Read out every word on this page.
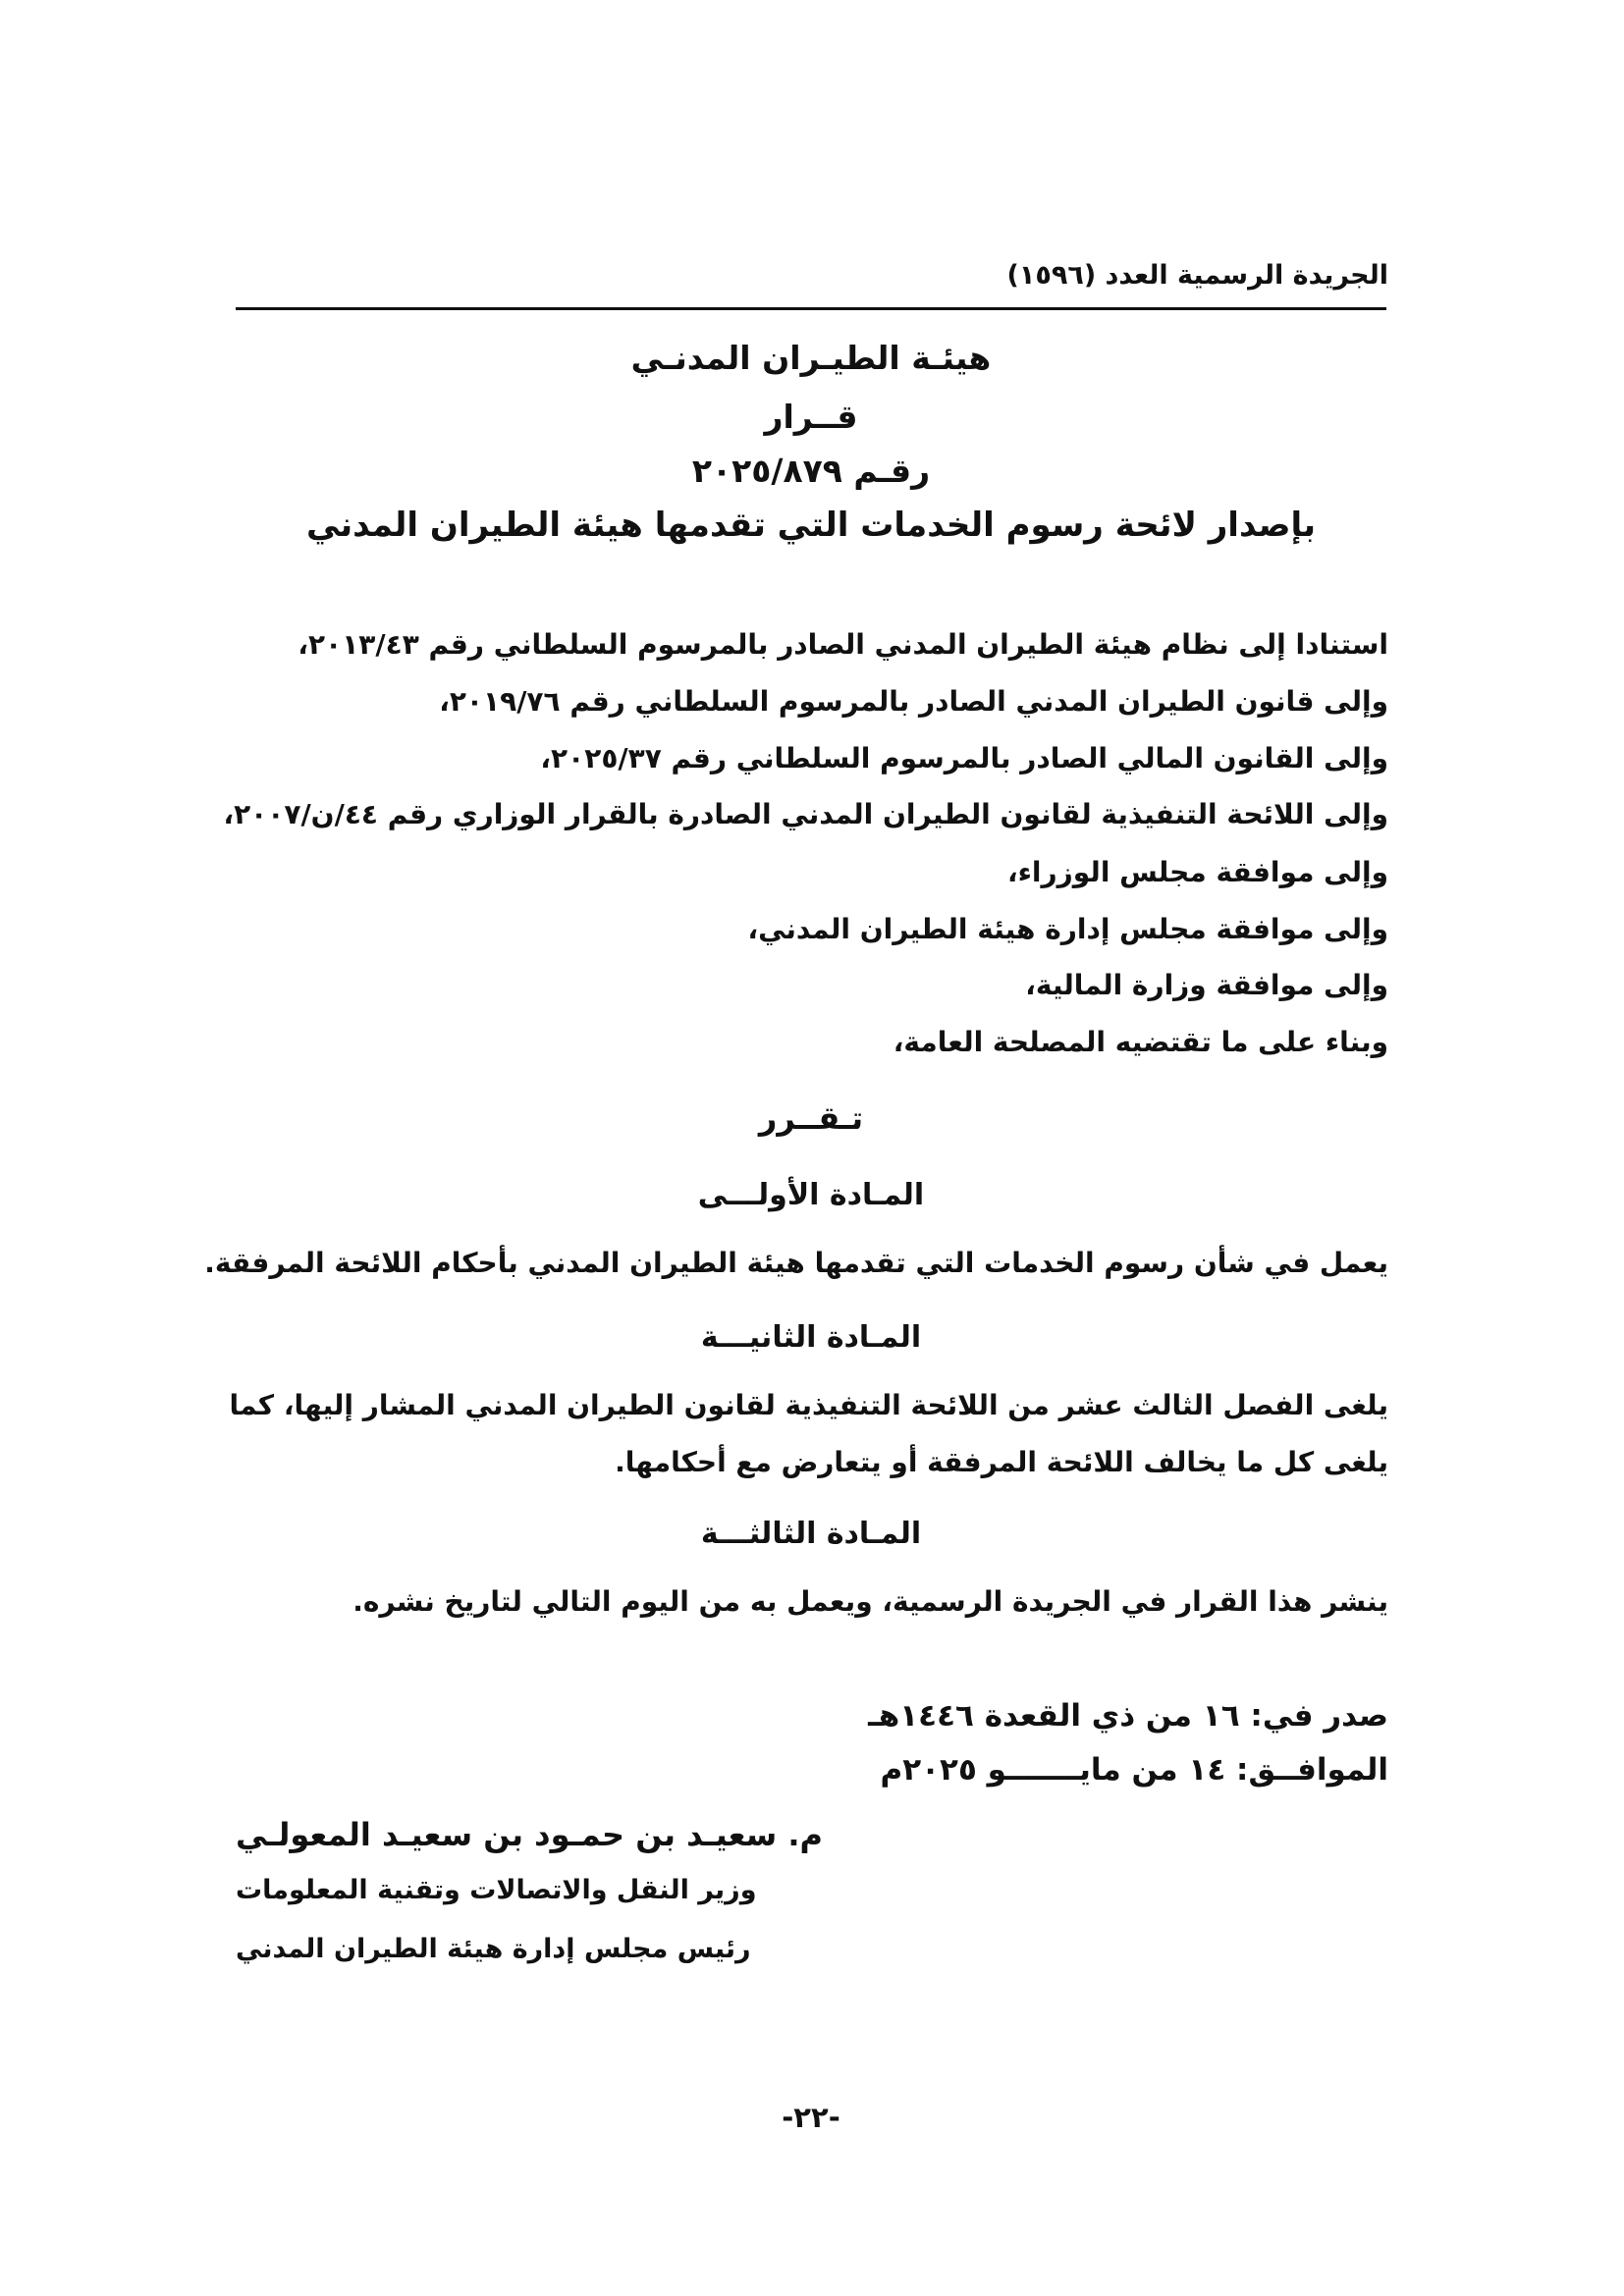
الجريدة الرسمية العدد (١٥٩٦)
هيئـة الطيـران المدنـي
قــرار
رقـم ٢٠٢٥/٨٧٩
بإصدار لائحة رسوم الخدمات التي تقدمها هيئة الطيران المدني
استنادا إلى نظام هيئة الطيران المدني الصادر بالمرسوم السلطاني رقم ٢٠١٣/٤٣،
وإلى قانون الطيران المدني الصادر بالمرسوم السلطاني رقم ٢٠١٩/٧٦،
وإلى القانون المالي الصادر بالمرسوم السلطاني رقم ٢٠٢٥/٣٧،
وإلى اللائحة التنفيذية لقانون الطيران المدني الصادرة بالقرار الوزاري رقم ٤٤/ن/٢٠٠٧،
وإلى موافقة مجلس الوزراء،
وإلى موافقة مجلس إدارة هيئة الطيران المدني،
وإلى موافقة وزارة المالية،
وبناء على ما تقتضيه المصلحة العامة،
تـقــرر
المـادة الأولـــى
يعمل في شأن رسوم الخدمات التي تقدمها هيئة الطيران المدني بأحكام اللائحة المرفقة.
المـادة الثانيـــة
يلغى الفصل الثالث عشر من اللائحة التنفيذية لقانون الطيران المدني المشار إليها، كما
يلغى كل ما يخالف اللائحة المرفقة أو يتعارض مع أحكامها.
المـادة الثالثـــة
ينشر هذا القرار في الجريدة الرسمية، ويعمل به من اليوم التالي لتاريخ نشره.
صدر في: ١٦ من ذي القعدة ١٤٤٦هـ
الموافــق: ١٤ من مايـــــــو ٢٠٢٥م
م. سعيـد بن حمـود بن سعيـد المعولـي
وزير النقل والاتصالات وتقنية المعلومات
رئيس مجلس إدارة هيئة الطيران المدني
-٢٢-
